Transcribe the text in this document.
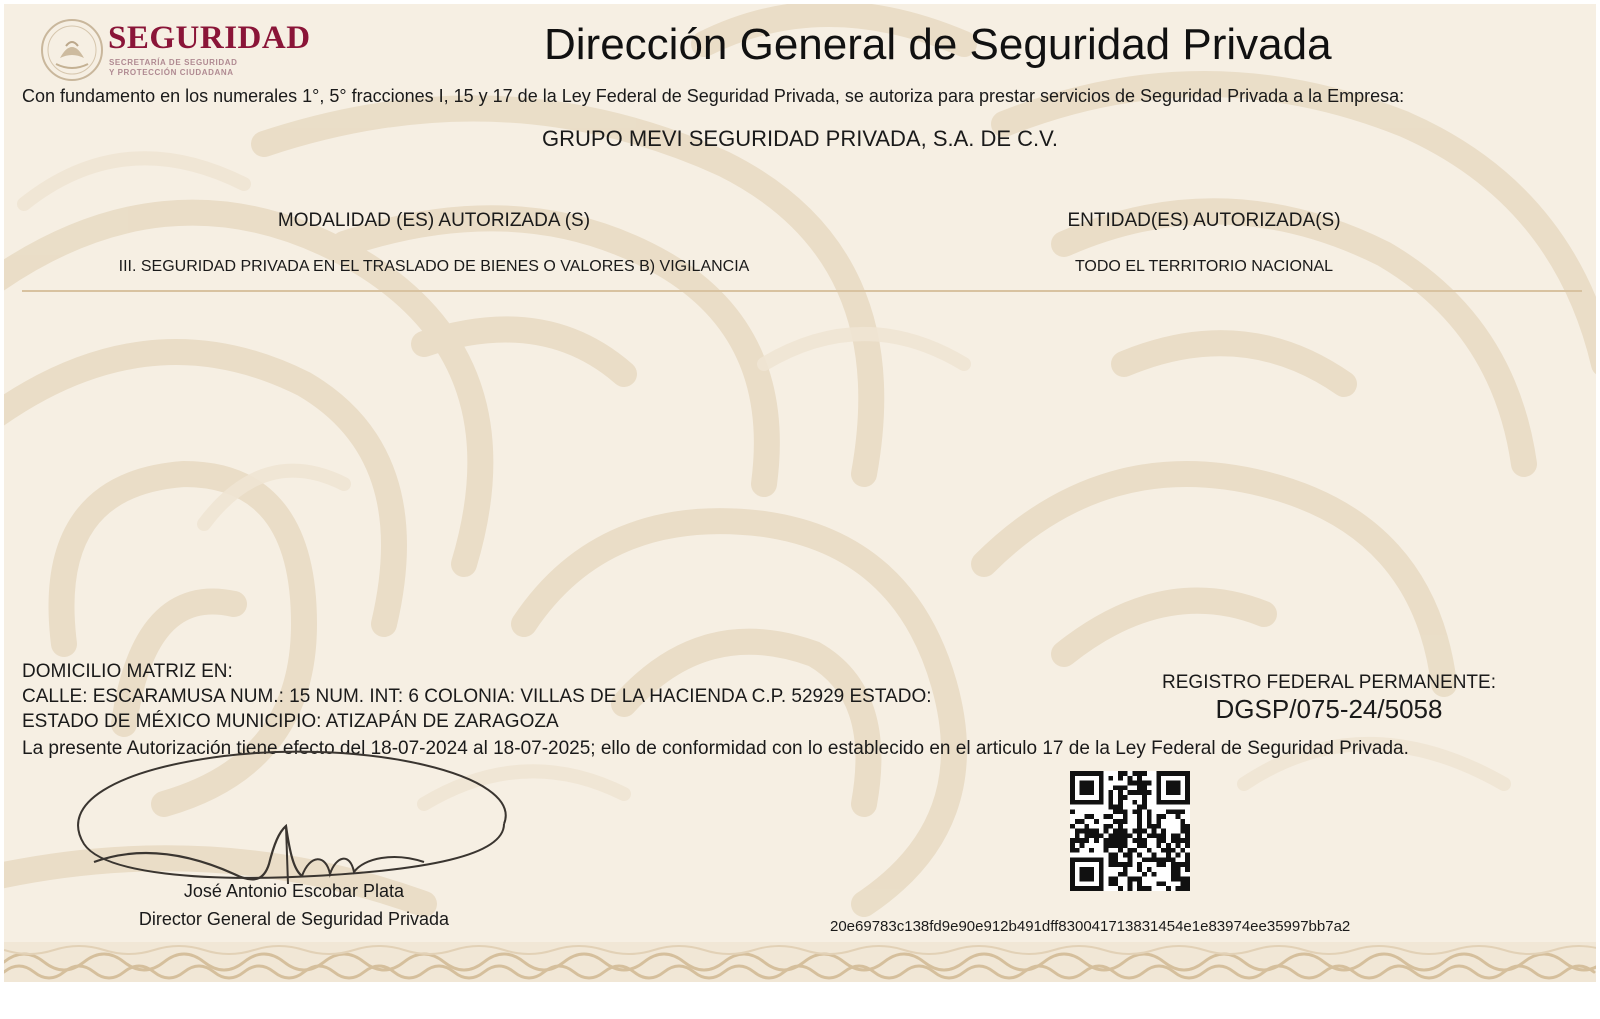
SEGURIDAD
SECRETARÍA DE SEGURIDAD
Y PROTECCIÓN CIUDADANA
Dirección General de Seguridad Privada
Con fundamento en los numerales 1°, 5° fracciones I, 15 y 17 de la Ley Federal de Seguridad Privada, se autoriza para prestar servicios de Seguridad Privada a la Empresa:
GRUPO MEVI SEGURIDAD PRIVADA, S.A. DE C.V.
MODALIDAD (ES) AUTORIZADA (S)
III. SEGURIDAD PRIVADA EN EL TRASLADO DE BIENES O VALORES B) VIGILANCIA
ENTIDAD(ES) AUTORIZADA(S)
TODO EL TERRITORIO NACIONAL
DOMICILIO MATRIZ EN:
CALLE: ESCARAMUSA NUM.: 15 NUM. INT: 6 COLONIA: VILLAS DE LA HACIENDA C.P. 52929 ESTADO:
ESTADO DE MÉXICO MUNICIPIO: ATIZAPÁN DE ZARAGOZA
REGISTRO FEDERAL PERMANENTE:
DGSP/075-24/5058
La presente Autorización tiene efecto del 18-07-2024 al 18-07-2025; ello de conformidad con lo establecido en el articulo 17 de la Ley Federal de Seguridad Privada.
José Antonio Escobar Plata
Director General de Seguridad Privada	20e69783c138fd9e90e912b491dff830041713831454e1e83974ee35997bb7a2
